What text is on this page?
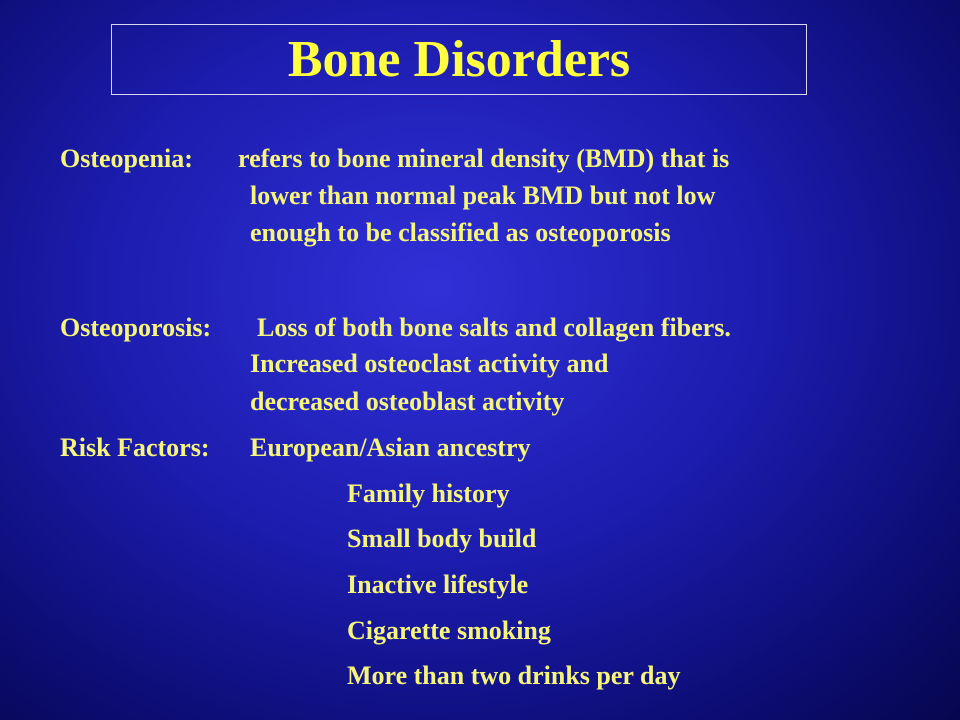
Bone Disorders
Osteopenia: refers to bone mineral density (BMD) that is
lower than normal peak BMD but not low
enough to be classified as osteoporosis
Osteoporosis: Loss of both bone salts and collagen fibers.
Increased osteoclast activity and
decreased osteoblast activity
Risk Factors: European/Asian ancestry
Family history
Small body build
Inactive lifestyle
Cigarette smoking
More than two drinks per day
